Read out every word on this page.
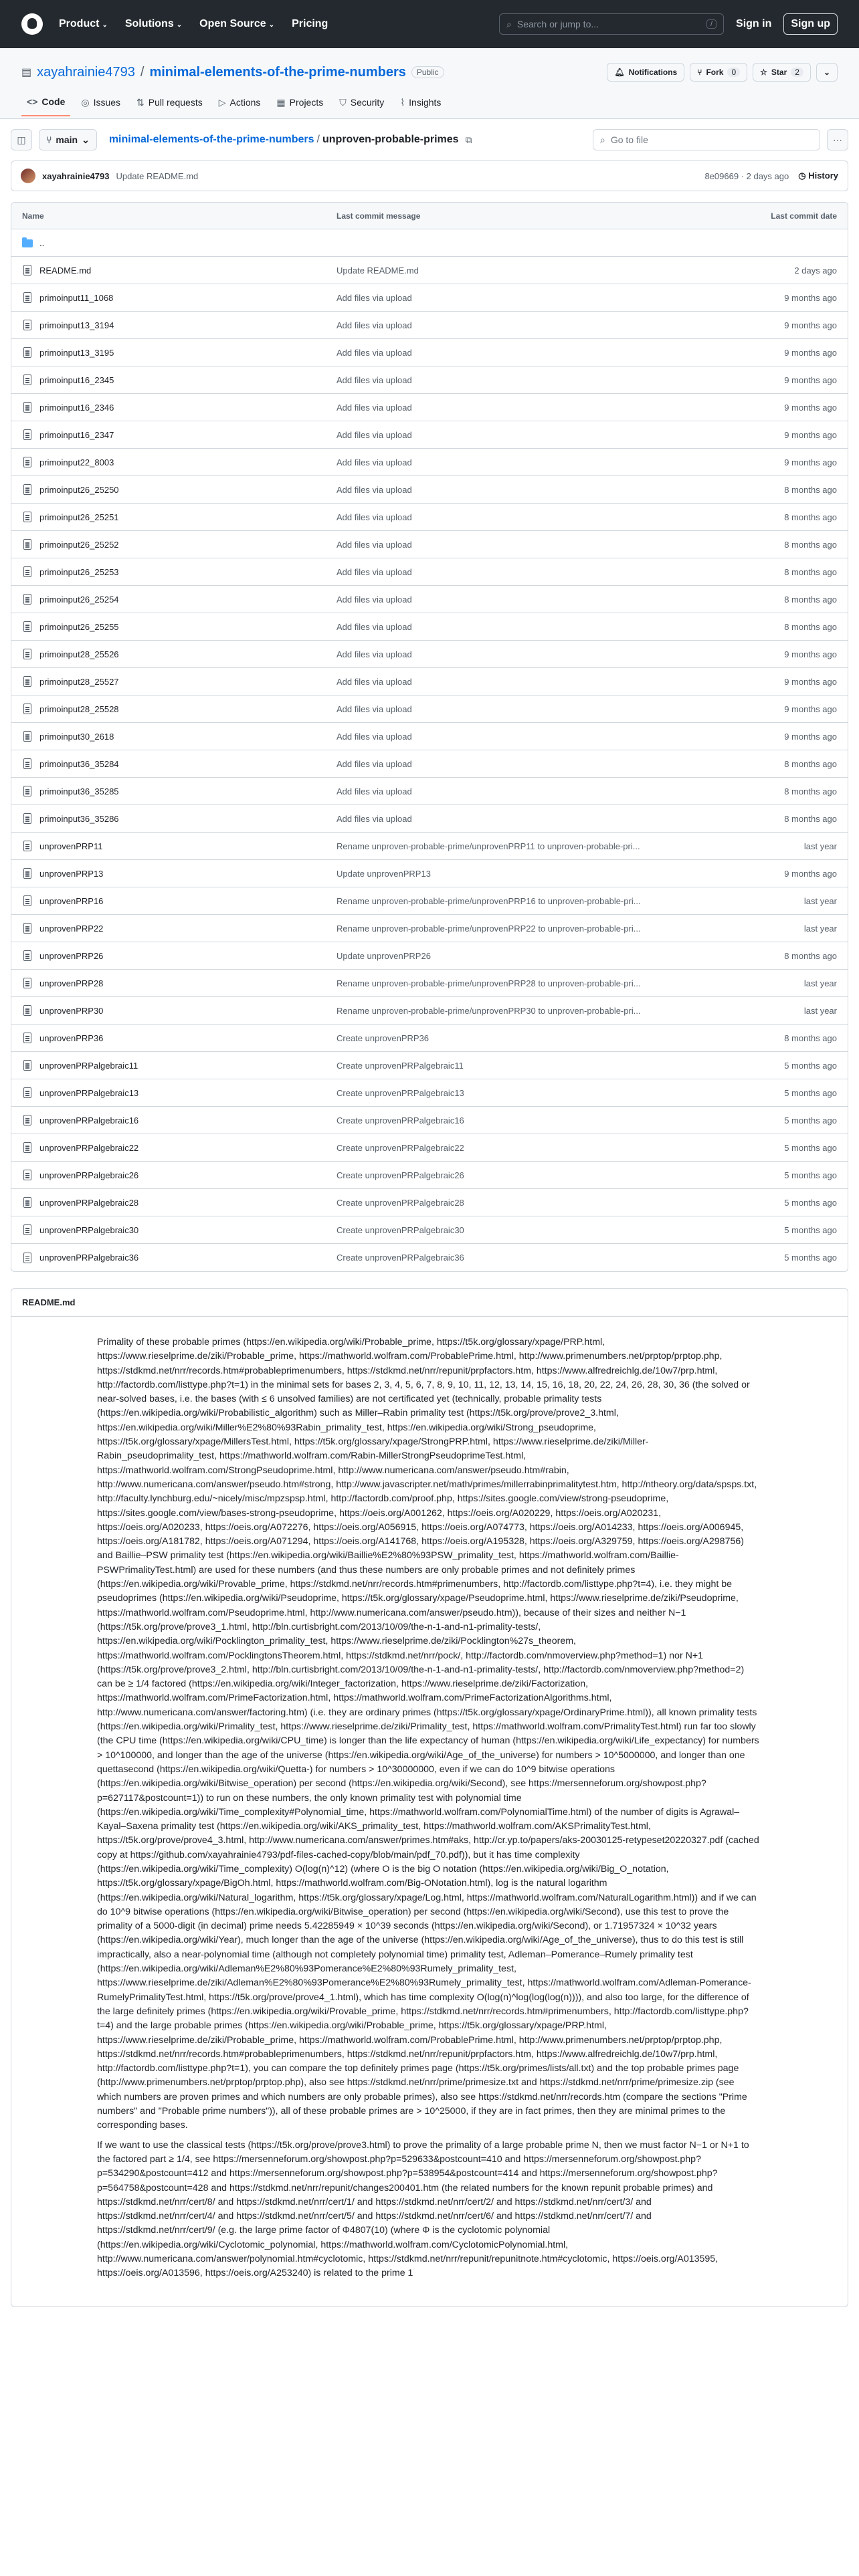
Product ⌄ Solutions ⌄ Open Source ⌄ Pricing	⌕ Search or jump to...	/	Sign in	Sign up
▤ xayahrainie4793 / minimal-elements-of-the-prime-numbers	Public	🔔︎ Notifications	⑂ Fork	0	☆ Star	2	⌄
<> Code ◎ Issues ⇅ Pull requests ▷ Actions ▦ Projects ⛉ Security ⌇ Insights
◫ ⑂ main ⌄ minimal-elements-of-the-prime-numbers / unproven-probable-primes ⧉	⌕ Go to file	···
xayahrainie4793 Update README.md	8e09669 · 2 days ago ◷ History
Name	Last commit message	Last commit date
..
README.md	Update README.md	2 days ago
primoinput11_1068	Add files via upload	9 months ago
primoinput13_3194	Add files via upload	9 months ago
primoinput13_3195	Add files via upload	9 months ago
primoinput16_2345	Add files via upload	9 months ago
primoinput16_2346	Add files via upload	9 months ago
primoinput16_2347	Add files via upload	9 months ago
primoinput22_8003	Add files via upload	9 months ago
primoinput26_25250	Add files via upload	8 months ago
primoinput26_25251	Add files via upload	8 months ago
primoinput26_25252	Add files via upload	8 months ago
primoinput26_25253	Add files via upload	8 months ago
primoinput26_25254	Add files via upload	8 months ago
primoinput26_25255	Add files via upload	8 months ago
primoinput28_25526	Add files via upload	9 months ago
primoinput28_25527	Add files via upload	9 months ago
primoinput28_25528	Add files via upload	9 months ago
primoinput30_2618	Add files via upload	9 months ago
primoinput36_35284	Add files via upload	8 months ago
primoinput36_35285	Add files via upload	8 months ago
primoinput36_35286	Add files via upload	8 months ago
unprovenPRP11	Rename unproven-probable-prime/unprovenPRP11 to unproven-probable-pri...	last year
unprovenPRP13	Update unprovenPRP13	9 months ago
unprovenPRP16	Rename unproven-probable-prime/unprovenPRP16 to unproven-probable-pri...	last year
unprovenPRP22	Rename unproven-probable-prime/unprovenPRP22 to unproven-probable-pri...	last year
unprovenPRP26	Update unprovenPRP26	8 months ago
unprovenPRP28	Rename unproven-probable-prime/unprovenPRP28 to unproven-probable-pri...	last year
unprovenPRP30	Rename unproven-probable-prime/unprovenPRP30 to unproven-probable-pri...	last year
unprovenPRP36	Create unprovenPRP36	8 months ago
unprovenPRPalgebraic11	Create unprovenPRPalgebraic11	5 months ago
unprovenPRPalgebraic13	Create unprovenPRPalgebraic13	5 months ago
unprovenPRPalgebraic16	Create unprovenPRPalgebraic16	5 months ago
unprovenPRPalgebraic22	Create unprovenPRPalgebraic22	5 months ago
unprovenPRPalgebraic26	Create unprovenPRPalgebraic26	5 months ago
unprovenPRPalgebraic28	Create unprovenPRPalgebraic28	5 months ago
unprovenPRPalgebraic30	Create unprovenPRPalgebraic30	5 months ago
unprovenPRPalgebraic36	Create unprovenPRPalgebraic36	5 months ago
README.md

Primality of these probable primes (https://en.wikipedia.org/wiki/Probable_prime, https://t5k.org/glossary/xpage/PRP.html, https://www.rieselprime.de/ziki/Probable_prime, https://mathworld.wolfram.com/ProbablePrime.html, http://www.primenumbers.net/prptop/prptop.php, https://stdkmd.net/nrr/records.htm#probableprimenumbers, https://stdkmd.net/nrr/repunit/prpfactors.htm, https://www.alfredreichlg.de/10w7/prp.html, http://factordb.com/listtype.php?t=1) in the minimal sets for bases 2, 3, 4, 5, 6, 7, 8, 9, 10, 11, 12, 13, 14, 15, 16, 18, 20, 22, 24, 26, 28, 30, 36 (the solved or near-solved bases, i.e. the bases (with ≤ 6 unsolved families) are not certificated yet (technically, probable primality tests (https://en.wikipedia.org/wiki/Probabilistic_algorithm) such as Miller–Rabin primality test (https://t5k.org/prove/prove2_3.html, https://en.wikipedia.org/wiki/Miller%E2%80%93Rabin_primality_test, https://en.wikipedia.org/wiki/Strong_pseudoprime, https://t5k.org/glossary/xpage/MillersTest.html, https://t5k.org/glossary/xpage/StrongPRP.html, https://www.rieselprime.de/ziki/Miller-Rabin_pseudoprimality_test, https://mathworld.wolfram.com/Rabin-MillerStrongPseudoprimeTest.html, https://mathworld.wolfram.com/StrongPseudoprime.html, http://www.numericana.com/answer/pseudo.htm#rabin, http://www.numericana.com/answer/pseudo.htm#strong, http://www.javascripter.net/math/primes/millerrabinprimalitytest.htm, http://ntheory.org/data/spsps.txt, http://faculty.lynchburg.edu/~nicely/misc/mpzspsp.html, http://factordb.com/proof.php, https://sites.google.com/view/strong-pseudoprime, https://sites.google.com/view/bases-strong-pseudoprime, https://oeis.org/A001262, https://oeis.org/A020229, https://oeis.org/A020231, https://oeis.org/A020233, https://oeis.org/A072276, https://oeis.org/A056915, https://oeis.org/A074773, https://oeis.org/A014233, https://oeis.org/A006945, https://oeis.org/A181782, https://oeis.org/A071294, https://oeis.org/A141768, https://oeis.org/A195328, https://oeis.org/A329759, https://oeis.org/A298756) and Baillie–PSW primality test (https://en.wikipedia.org/wiki/Baillie%E2%80%93PSW_primality_test, https://mathworld.wolfram.com/Baillie-PSWPrimalityTest.html) are used for these numbers (and thus these numbers are only probable primes and not definitely primes (https://en.wikipedia.org/wiki/Provable_prime, https://stdkmd.net/nrr/records.htm#primenumbers, http://factordb.com/listtype.php?t=4), i.e. they might be pseudoprimes (https://en.wikipedia.org/wiki/Pseudoprime, https://t5k.org/glossary/xpage/Pseudoprime.html, https://www.rieselprime.de/ziki/Pseudoprime, https://mathworld.wolfram.com/Pseudoprime.html, http://www.numericana.com/answer/pseudo.htm)), because of their sizes and neither N−1 (https://t5k.org/prove/prove3_1.html, http://bln.curtisbright.com/2013/10/09/the-n-1-and-n1-primality-tests/, https://en.wikipedia.org/wiki/Pocklington_primality_test, https://www.rieselprime.de/ziki/Pocklington%27s_theorem, https://mathworld.wolfram.com/PocklingtonsTheorem.html, https://stdkmd.net/nrr/pock/, http://factordb.com/nmoverview.php?method=1) nor N+1 (https://t5k.org/prove/prove3_2.html, http://bln.curtisbright.com/2013/10/09/the-n-1-and-n1-primality-tests/, http://factordb.com/nmoverview.php?method=2) can be ≥ 1/4 factored (https://en.wikipedia.org/wiki/Integer_factorization, https://www.rieselprime.de/ziki/Factorization, https://mathworld.wolfram.com/PrimeFactorization.html, https://mathworld.wolfram.com/PrimeFactorizationAlgorithms.html, http://www.numericana.com/answer/factoring.htm) (i.e. they are ordinary primes (https://t5k.org/glossary/xpage/OrdinaryPrime.html)), all known primality tests (https://en.wikipedia.org/wiki/Primality_test, https://www.rieselprime.de/ziki/Primality_test, https://mathworld.wolfram.com/PrimalityTest.html) run far too slowly (the CPU time (https://en.wikipedia.org/wiki/CPU_time) is longer than the life expectancy of human (https://en.wikipedia.org/wiki/Life_expectancy) for numbers > 10^100000, and longer than the age of the universe (https://en.wikipedia.org/wiki/Age_of_the_universe) for numbers > 10^5000000, and longer than one quettasecond (https://en.wikipedia.org/wiki/Quetta-) for numbers > 10^30000000, even if we can do 10^9 bitwise operations (https://en.wikipedia.org/wiki/Bitwise_operation) per second (https://en.wikipedia.org/wiki/Second), see https://mersenneforum.org/showpost.php?p=627117&postcount=1)) to run on these numbers, the only known primality test with polynomial time (https://en.wikipedia.org/wiki/Time_complexity#Polynomial_time, https://mathworld.wolfram.com/PolynomialTime.html) of the number of digits is Agrawal–Kayal–Saxena primality test (https://en.wikipedia.org/wiki/AKS_primality_test, https://mathworld.wolfram.com/AKSPrimalityTest.html, https://t5k.org/prove/prove4_3.html, http://www.numericana.com/answer/primes.htm#aks, http://cr.yp.to/papers/aks-20030125-retypeset20220327.pdf (cached copy at https://github.com/xayahrainie4793/pdf-files-cached-copy/blob/main/pdf_70.pdf)), but it has time complexity (https://en.wikipedia.org/wiki/Time_complexity) O(log(n)^12) (where O is the big O notation (https://en.wikipedia.org/wiki/Big_O_notation, https://t5k.org/glossary/xpage/BigOh.html, https://mathworld.wolfram.com/Big-ONotation.html), log is the natural logarithm (https://en.wikipedia.org/wiki/Natural_logarithm, https://t5k.org/glossary/xpage/Log.html, https://mathworld.wolfram.com/NaturalLogarithm.html)) and if we can do 10^9 bitwise operations (https://en.wikipedia.org/wiki/Bitwise_operation) per second (https://en.wikipedia.org/wiki/Second), use this test to prove the primality of a 5000-digit (in decimal) prime needs 5.42285949 × 10^39 seconds (https://en.wikipedia.org/wiki/Second), or 1.71957324 × 10^32 years (https://en.wikipedia.org/wiki/Year), much longer than the age of the universe (https://en.wikipedia.org/wiki/Age_of_the_universe), thus to do this test is still impractically, also a near-polynomial time (although not completely polynomial time) primality test, Adleman–Pomerance–Rumely primality test (https://en.wikipedia.org/wiki/Adleman%E2%80%93Pomerance%E2%80%93Rumely_primality_test, https://www.rieselprime.de/ziki/Adleman%E2%80%93Pomerance%E2%80%93Rumely_primality_test, https://mathworld.wolfram.com/Adleman-Pomerance-RumelyPrimalityTest.html, https://t5k.org/prove/prove4_1.html), which has time complexity O(log(n)^log(log(log(n)))), and also too large, for the difference of the large definitely primes (https://en.wikipedia.org/wiki/Provable_prime, https://stdkmd.net/nrr/records.htm#primenumbers, http://factordb.com/listtype.php?t=4) and the large probable primes (https://en.wikipedia.org/wiki/Probable_prime, https://t5k.org/glossary/xpage/PRP.html, https://www.rieselprime.de/ziki/Probable_prime, https://mathworld.wolfram.com/ProbablePrime.html, http://www.primenumbers.net/prptop/prptop.php, https://stdkmd.net/nrr/records.htm#probableprimenumbers, https://stdkmd.net/nrr/repunit/prpfactors.htm, https://www.alfredreichlg.de/10w7/prp.html, http://factordb.com/listtype.php?t=1), you can compare the top definitely primes page (https://t5k.org/primes/lists/all.txt) and the top probable primes page (http://www.primenumbers.net/prptop/prptop.php), also see https://stdkmd.net/nrr/prime/primesize.txt and https://stdkmd.net/nrr/prime/primesize.zip (see which numbers are proven primes and which numbers are only probable primes), also see https://stdkmd.net/nrr/records.htm (compare the sections "Prime numbers" and "Probable prime numbers")), all of these probable primes are > 10^25000, if they are in fact primes, then they are minimal primes to the corresponding bases.

If we want to use the classical tests (https://t5k.org/prove/prove3.html) to prove the primality of a large probable prime N, then we must factor N−1 or N+1 to the factored part ≥ 1/4, see https://mersenneforum.org/showpost.php?p=529633&postcount=410 and https://mersenneforum.org/showpost.php?p=534290&postcount=412 and https://mersenneforum.org/showpost.php?p=538954&postcount=414 and https://mersenneforum.org/showpost.php?p=564758&postcount=428 and https://stdkmd.net/nrr/repunit/changes200401.htm (the related numbers for the known repunit probable primes) and https://stdkmd.net/nrr/cert/8/ and https://stdkmd.net/nrr/cert/1/ and https://stdkmd.net/nrr/cert/2/ and https://stdkmd.net/nrr/cert/3/ and https://stdkmd.net/nrr/cert/4/ and https://stdkmd.net/nrr/cert/5/ and https://stdkmd.net/nrr/cert/6/ and https://stdkmd.net/nrr/cert/7/ and https://stdkmd.net/nrr/cert/9/ (e.g. the large prime factor of Φ4807(10) (where Φ is the cyclotomic polynomial (https://en.wikipedia.org/wiki/Cyclotomic_polynomial, https://mathworld.wolfram.com/CyclotomicPolynomial.html, http://www.numericana.com/answer/polynomial.htm#cyclotomic, https://stdkmd.net/nrr/repunit/repunitnote.htm#cyclotomic, https://oeis.org/A013595, https://oeis.org/A013596, https://oeis.org/A253240) is related to the prime 1
